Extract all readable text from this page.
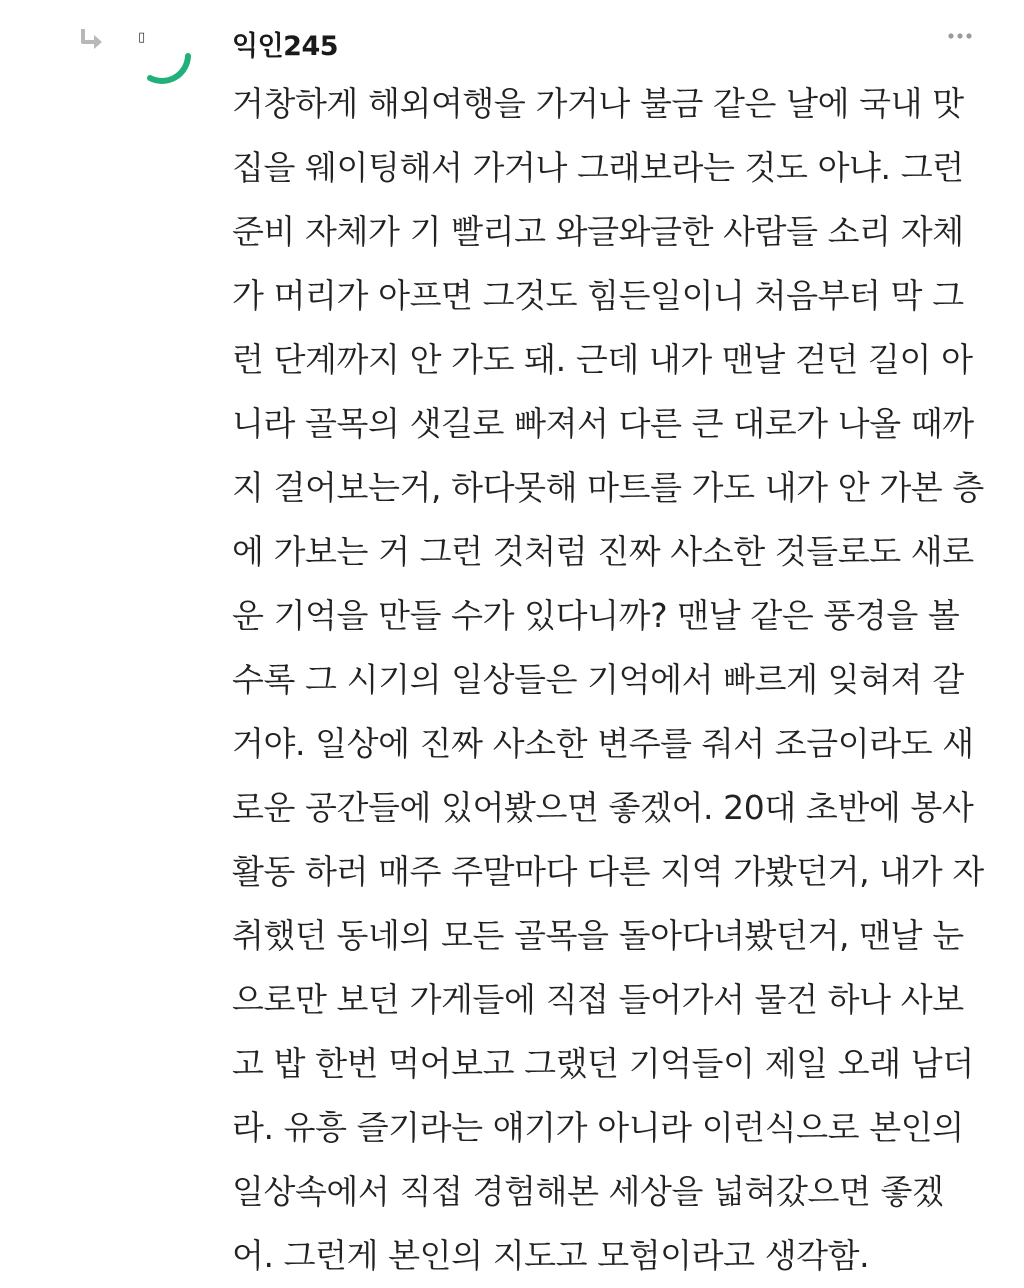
▯	익인245
거창하게 해외여행을 가거나 불금 같은 날에 국내 맛
집을 웨이팅해서 가거나 그래보라는 것도 아냐. 그런
준비 자체가 기 빨리고 와글와글한 사람들 소리 자체
가 머리가 아프면 그것도 힘든일이니 처음부터 막 그
런 단계까지 안 가도 돼. 근데 내가 맨날 걷던 길이 아
니라 골목의 샛길로 빠져서 다른 큰 대로가 나올 때까
지 걸어보는거, 하다못해 마트를 가도 내가 안 가본 층
에 가보는 거 그런 것처럼 진짜 사소한 것들로도 새로
운 기억을 만들 수가 있다니까? 맨날 같은 풍경을 볼
수록 그 시기의 일상들은 기억에서 빠르게 잊혀져 갈
거야. 일상에 진짜 사소한 변주를 줘서 조금이라도 새
로운 공간들에 있어봤으면 좋겠어. 20대 초반에 봉사
활동 하러 매주 주말마다 다른 지역 가봤던거, 내가 자
취했던 동네의 모든 골목을 돌아다녀봤던거, 맨날 눈
으로만 보던 가게들에 직접 들어가서 물건 하나 사보
고 밥 한번 먹어보고 그랬던 기억들이 제일 오래 남더
라. 유흥 즐기라는 얘기가 아니라 이런식으로 본인의
일상속에서 직접 경험해본 세상을 넓혀갔으면 좋겠
어. 그런게 본인의 지도고 모험이라고 생각함.
